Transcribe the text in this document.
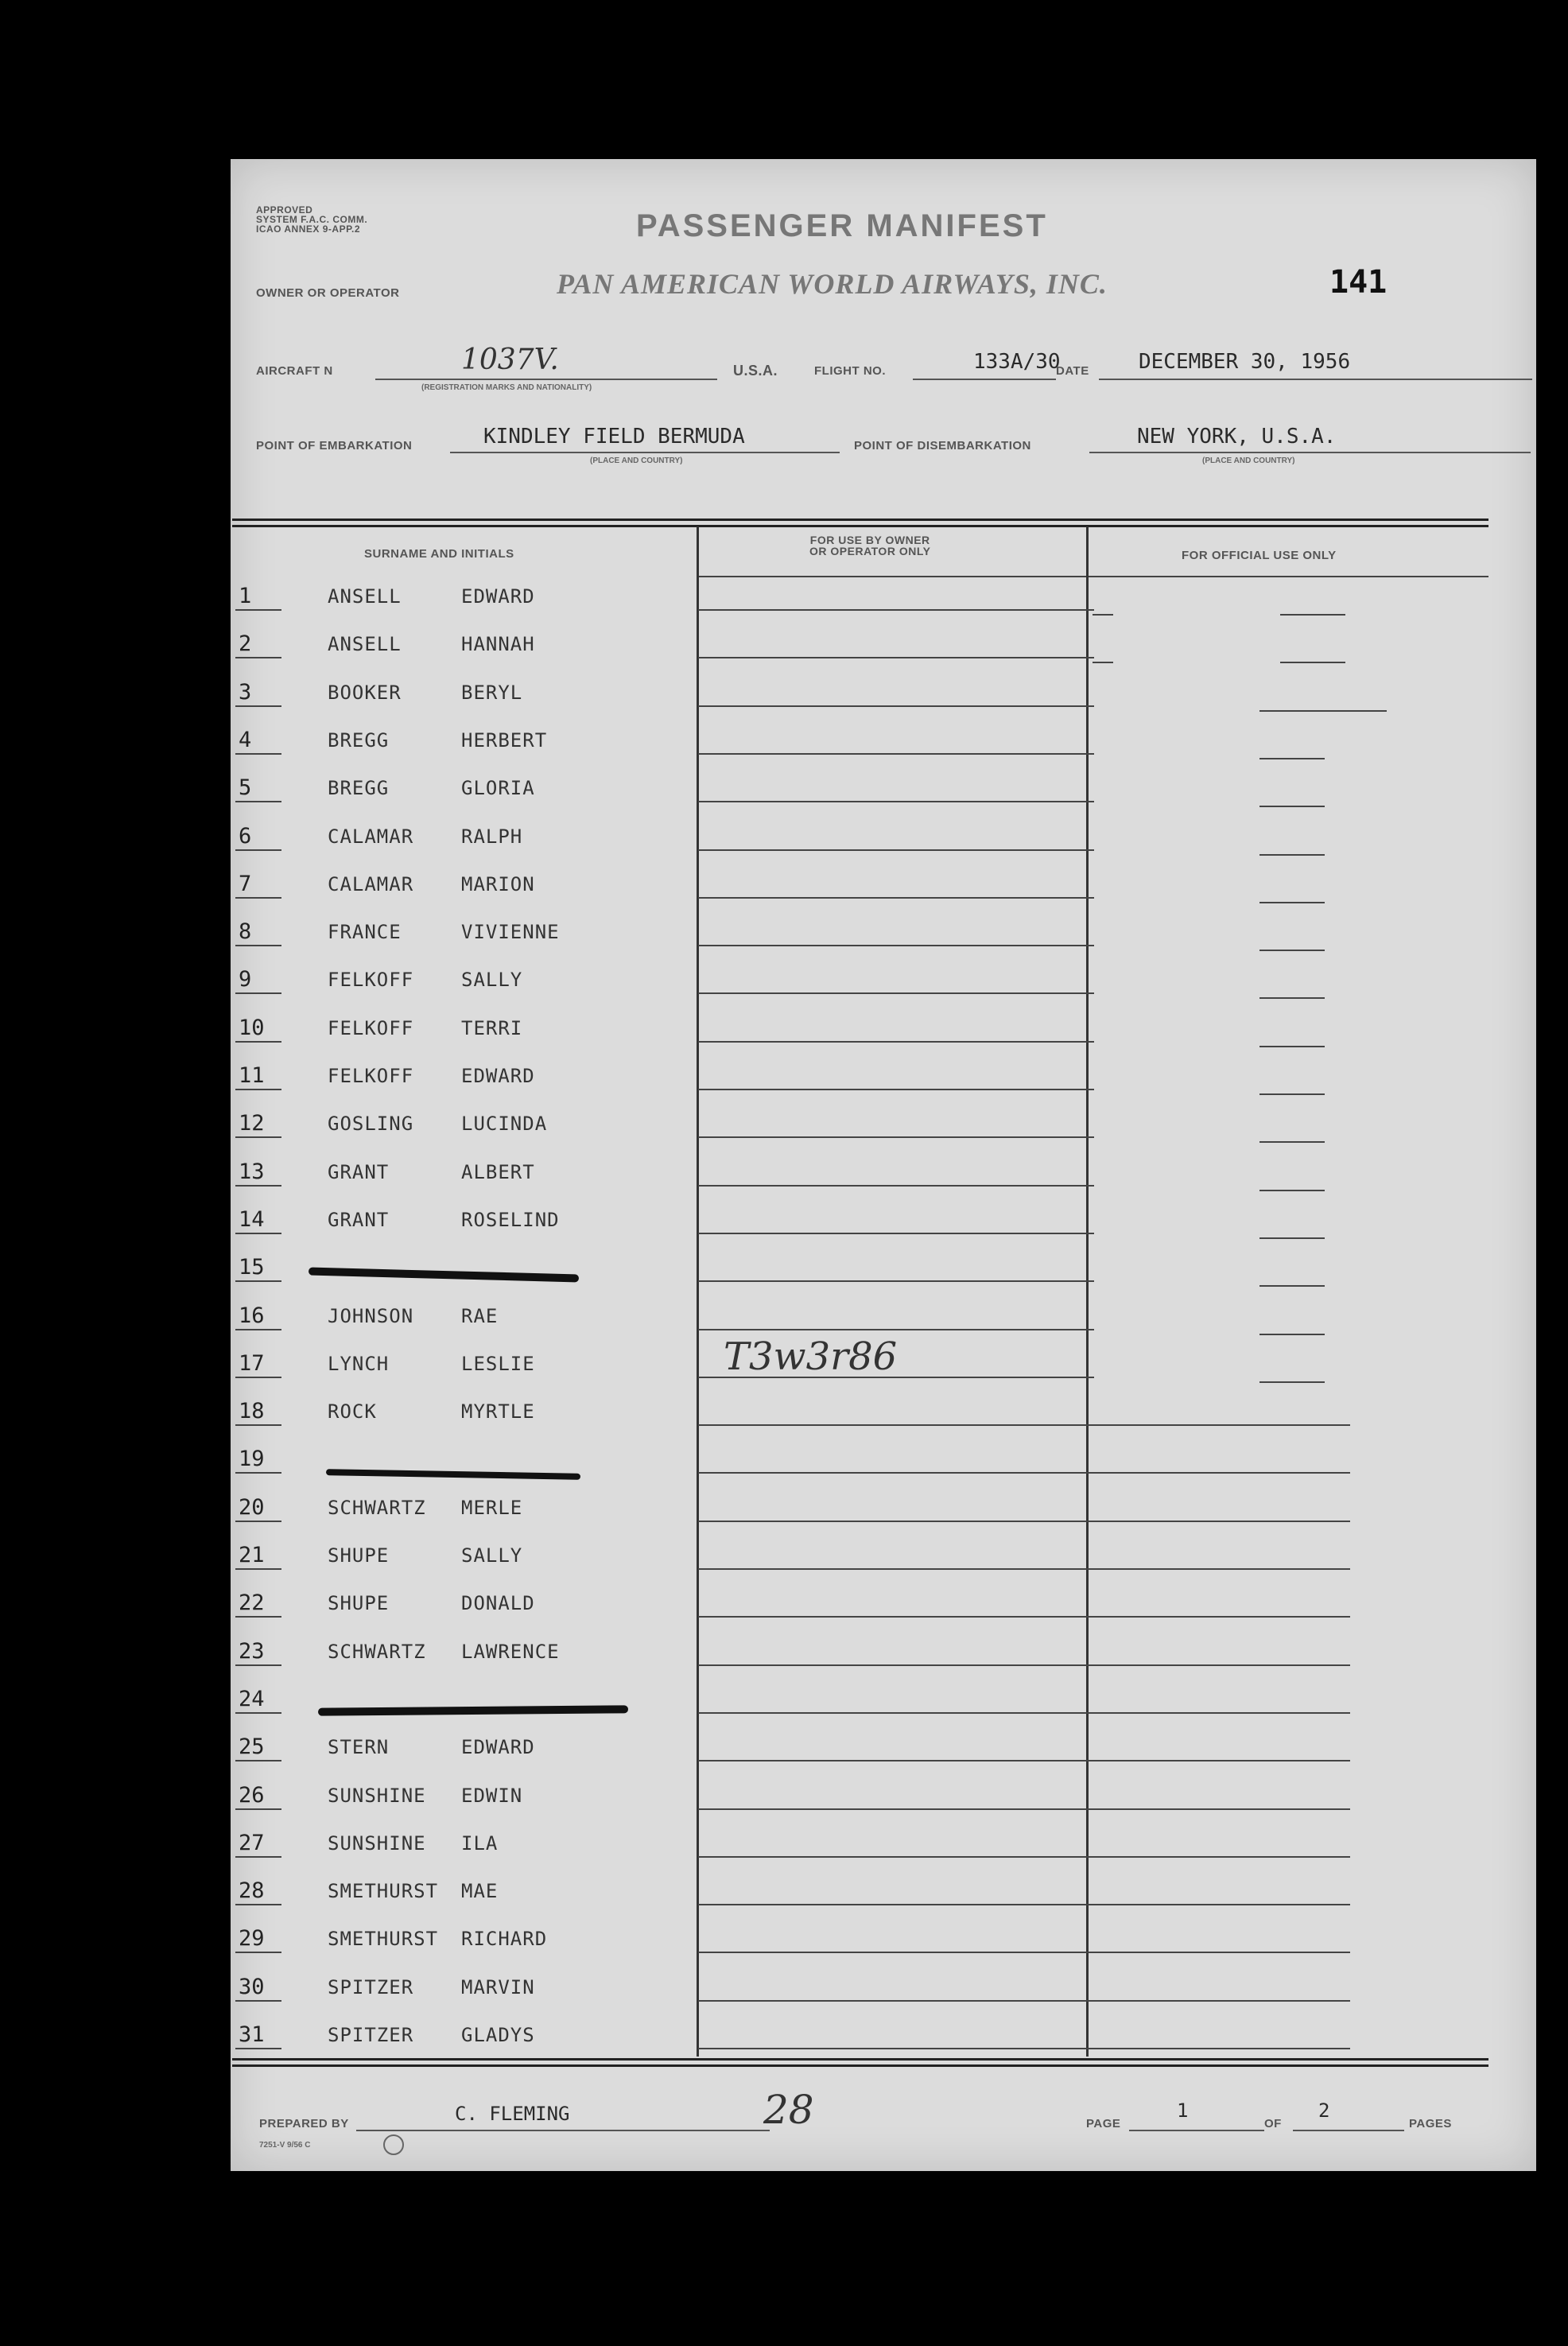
APPROVED
SYSTEM F.A.C. COMM.
ICAO ANNEX 9-APP.2
OWNER OR OPERATOR
PASSENGER MANIFEST
PAN AMERICAN WORLD AIRWAYS, INC.	141
AIRCRAFT N	1037V.
(REGISTRATION MARKS AND NATIONALITY)
U.S.A.	FLIGHT NO.	133A/30
DATE DECEMBER 30, 1956
POINT OF EMBARKATION	KINDLEY FIELD BERMUDA
(PLACE AND COUNTRY)
POINT OF DISEMBARKATION	NEW YORK, U.S.A.
(PLACE AND COUNTRY)
SURNAME AND INITIALS
FOR USE BY OWNER
OR OPERATOR ONLY	FOR OFFICIAL USE ONLY
1	ANSELL	EDWARD
2	ANSELL	HANNAH
3	BOOKER	BERYL
4	BREGG	HERBERT
5	BREGG	GLORIA
6	CALAMAR RALPH
7	CALAMAR MARION
8	FRANCE	VIVIENNE
9	FELKOFF SALLY
10	FELKOFF TERRI
11	FELKOFF EDWARD
12	GOSLING LUCINDA
13	GRANT	ALBERT
14	GRANT	ROSELIND
15
16	JOHNSON RAE
17	LYNCH	LESLIE
18	ROCK	MYRTLE
19
20	SCHWARTZ MERLE
21	SHUPE	SALLY
22	SHUPE	DONALD
23	SCHWARTZ LAWRENCE
24
25	STERN	EDWARD
26	SUNSHINE EDWIN
27	SUNSHINE ILA
28	SMETHURST MAE
29	SMETHURST RICHARD
30	SPITZER MARVIN
31	SPITZER GLADYS
T3w3r86
PREPARED BY	C. FLEMING	28
7251-V 9/56 C
PAGE
1
OF
2
PAGES
